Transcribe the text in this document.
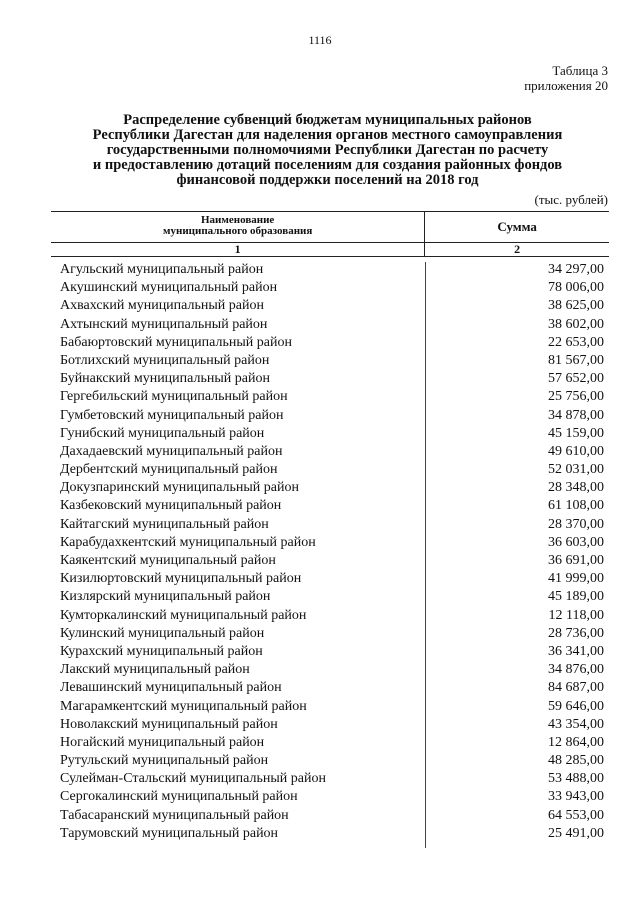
1116
Таблица 3
приложения 20
Распределение субвенций бюджетам муниципальных районов
Республики Дагестан для наделения органов местного самоуправления
государственными полномочиями Республики Дагестан по расчету
и предоставлению дотаций поселениям для создания районных фондов
финансовой поддержки поселений на 2018 год
(тыс. рублей)
Наименование
муниципального образования	Сумма
1	2
Агульский муниципальный район	34 297,00
Акушинский муниципальный район	78 006,00
Ахвахский муниципальный район	38 625,00
Ахтынский муниципальный район	38 602,00
Бабаюртовский муниципальный район	22 653,00
Ботлихский муниципальный район	81 567,00
Буйнакский муниципальный район	57 652,00
Гергебильский муниципальный район	25 756,00
Гумбетовский муниципальный район	34 878,00
Гунибский муниципальный район	45 159,00
Дахадаевский муниципальный район	49 610,00
Дербентский муниципальный район	52 031,00
Докузпаринский муниципальный район	28 348,00
Казбековский муниципальный район	61 108,00
Кайтагский муниципальный район	28 370,00
Карабудахкентский муниципальный район	36 603,00
Каякентский муниципальный район	36 691,00
Кизилюртовский муниципальный район	41 999,00
Кизлярский муниципальный район	45 189,00
Кумторкалинский муниципальный район	12 118,00
Кулинский муниципальный район	28 736,00
Курахский муниципальный район	36 341,00
Лакский муниципальный район	34 876,00
Левашинский муниципальный район	84 687,00
Магарамкентский муниципальный район	59 646,00
Новолакский муниципальный район	43 354,00
Ногайский муниципальный район	12 864,00
Рутульский муниципальный район	48 285,00
Сулейман-Стальский муниципальный район	53 488,00
Сергокалинский муниципальный район	33 943,00
Табасаранский муниципальный район	64 553,00
Тарумовский муниципальный район	25 491,00
